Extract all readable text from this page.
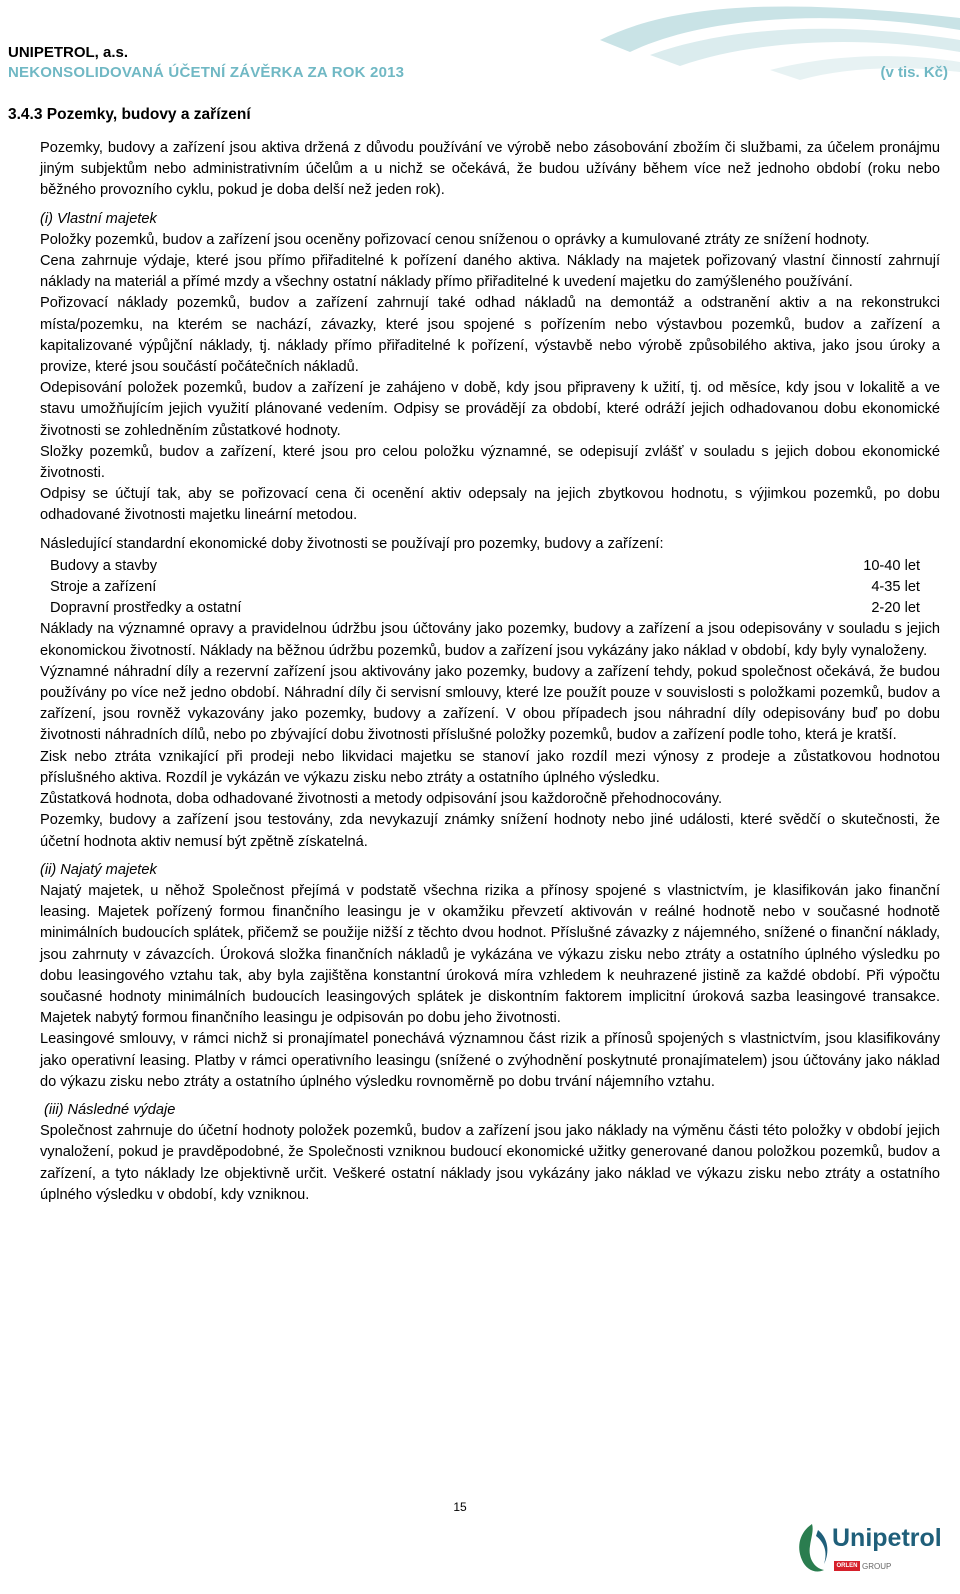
UNIPETROL, a.s.
NEKONSOLIDOVANÁ ÚČETNÍ ZÁVĚRKA ZA ROK 2013	(v tis. Kč)
3.4.3 Pozemky, budovy a zařízení

Pozemky, budovy a zařízení jsou aktiva držená z důvodu používání ve výrobě nebo zásobování zbožím či službami, za účelem pronájmu jiným subjektům nebo administrativním účelům a u nichž se očekává, že budou užívány během více než jednoho období (roku nebo běžného provozního cyklu, pokud je doba delší než jeden rok).

(i) Vlastní majetek

Položky pozemků, budov a zařízení jsou oceněny pořizovací cenou sníženou o oprávky a kumulované ztráty ze snížení hodnoty.

Cena zahrnuje výdaje, které jsou přímo přiřaditelné k pořízení daného aktiva. Náklady na majetek pořizovaný vlastní činností zahrnují náklady na materiál a přímé mzdy a všechny ostatní náklady přímo přiřaditelné k uvedení majetku do zamýšleného používání.

Pořizovací náklady pozemků, budov a zařízení zahrnují také odhad nákladů na demontáž a odstranění aktiv a na rekonstrukci místa/pozemku, na kterém se nachází, závazky, které jsou spojené s pořízením nebo výstavbou pozemků, budov a zařízení a kapitalizované výpůjční náklady, tj. náklady přímo přiřaditelné k pořízení, výstavbě nebo výrobě způsobilého aktiva, jako jsou úroky a provize, které jsou součástí počátečních nákladů.

Odepisování položek pozemků, budov a zařízení je zahájeno v době, kdy jsou připraveny k užití, tj. od měsíce, kdy jsou v lokalitě a ve stavu umožňujícím jejich využití plánované vedením. Odpisy se provádějí za období, které odráží jejich odhadovanou dobu ekonomické životnosti se zohledněním zůstatkové hodnoty.

Složky pozemků, budov a zařízení, které jsou pro celou položku významné, se odepisují zvlášť v souladu s jejich dobou ekonomické životnosti.

Odpisy se účtují tak, aby se pořizovací cena či ocenění aktiv odepsaly na jejich zbytkovou hodnotu, s výjimkou pozemků, po dobu odhadované životnosti majetku lineární metodou.

Následující standardní ekonomické doby životnosti se používají pro pozemky, budovy a zařízení:

Budovy a stavby	10-40 let
Stroje a zařízení	4-35 let
Dopravní prostředky a ostatní	2-20 let

Náklady na významné opravy a pravidelnou údržbu jsou účtovány jako pozemky, budovy a zařízení a jsou odepisovány v souladu s jejich ekonomickou životností. Náklady na běžnou údržbu pozemků, budov a zařízení jsou vykázány jako náklad v období, kdy byly vynaloženy.

Významné náhradní díly a rezervní zařízení jsou aktivovány jako pozemky, budovy a zařízení tehdy, pokud společnost očekává, že budou používány po více než jedno období. Náhradní díly či servisní smlouvy, které lze použít pouze v souvislosti s položkami pozemků, budov a zařízení, jsou rovněž vykazovány jako pozemky, budovy a zařízení. V obou případech jsou náhradní díly odepisovány buď po dobu životnosti náhradních dílů, nebo po zbývající dobu životnosti příslušné položky pozemků, budov a zařízení podle toho, která je kratší.

Zisk nebo ztráta vznikající při prodeji nebo likvidaci majetku se stanoví jako rozdíl mezi výnosy z prodeje a zůstatkovou hodnotou příslušného aktiva. Rozdíl je vykázán ve výkazu zisku nebo ztráty a ostatního úplného výsledku.

Zůstatková hodnota, doba odhadované životnosti a metody odpisování jsou každoročně přehodnocovány.

Pozemky, budovy a zařízení jsou testovány, zda nevykazují známky snížení hodnoty nebo jiné události, které svědčí o skutečnosti, že účetní hodnota aktiv nemusí být zpětně získatelná.

(ii) Najatý majetek

Najatý majetek, u něhož Společnost přejímá v podstatě všechna rizika a přínosy spojené s vlastnictvím, je klasifikován jako finanční leasing. Majetek pořízený formou finančního leasingu je v okamžiku převzetí aktivován v reálné hodnotě nebo v současné hodnotě minimálních budoucích splátek, přičemž se použije nižší z těchto dvou hodnot. Příslušné závazky z nájemného, snížené o finanční náklady, jsou zahrnuty v závazcích. Úroková složka finančních nákladů je vykázána ve výkazu zisku nebo ztráty a ostatního úplného výsledku po dobu leasingového vztahu tak, aby byla zajištěna konstantní úroková míra vzhledem k neuhrazené jistině za každé období. Při výpočtu současné hodnoty minimálních budoucích leasingových splátek je diskontním faktorem implicitní úroková sazba leasingové transakce. Majetek nabytý formou finančního leasingu je odpisován po dobu jeho životnosti.

Leasingové smlouvy, v rámci nichž si pronajímatel ponechává významnou část rizik a přínosů spojených s vlastnictvím, jsou klasifikovány jako operativní leasing. Platby v rámci operativního leasingu (snížené o zvýhodnění poskytnuté pronajímatelem) jsou účtovány jako náklad do výkazu zisku nebo ztráty a ostatního úplného výsledku rovnoměrně po dobu trvání nájemního vztahu.

(iii) Následné výdaje

Společnost zahrnuje do účetní hodnoty položek pozemků, budov a zařízení jsou jako náklady na výměnu části této položky v období jejich vynaložení, pokud je pravděpodobné, že Společnosti vzniknou budoucí ekonomické užitky generované danou položkou pozemků, budov a zařízení, a tyto náklady lze objektivně určit. Veškeré ostatní náklady jsou vykázány jako náklad ve výkazu zisku nebo ztráty a ostatního úplného výsledku v období, kdy vzniknou.

15
Unipetrol
ORLEN GROUP
